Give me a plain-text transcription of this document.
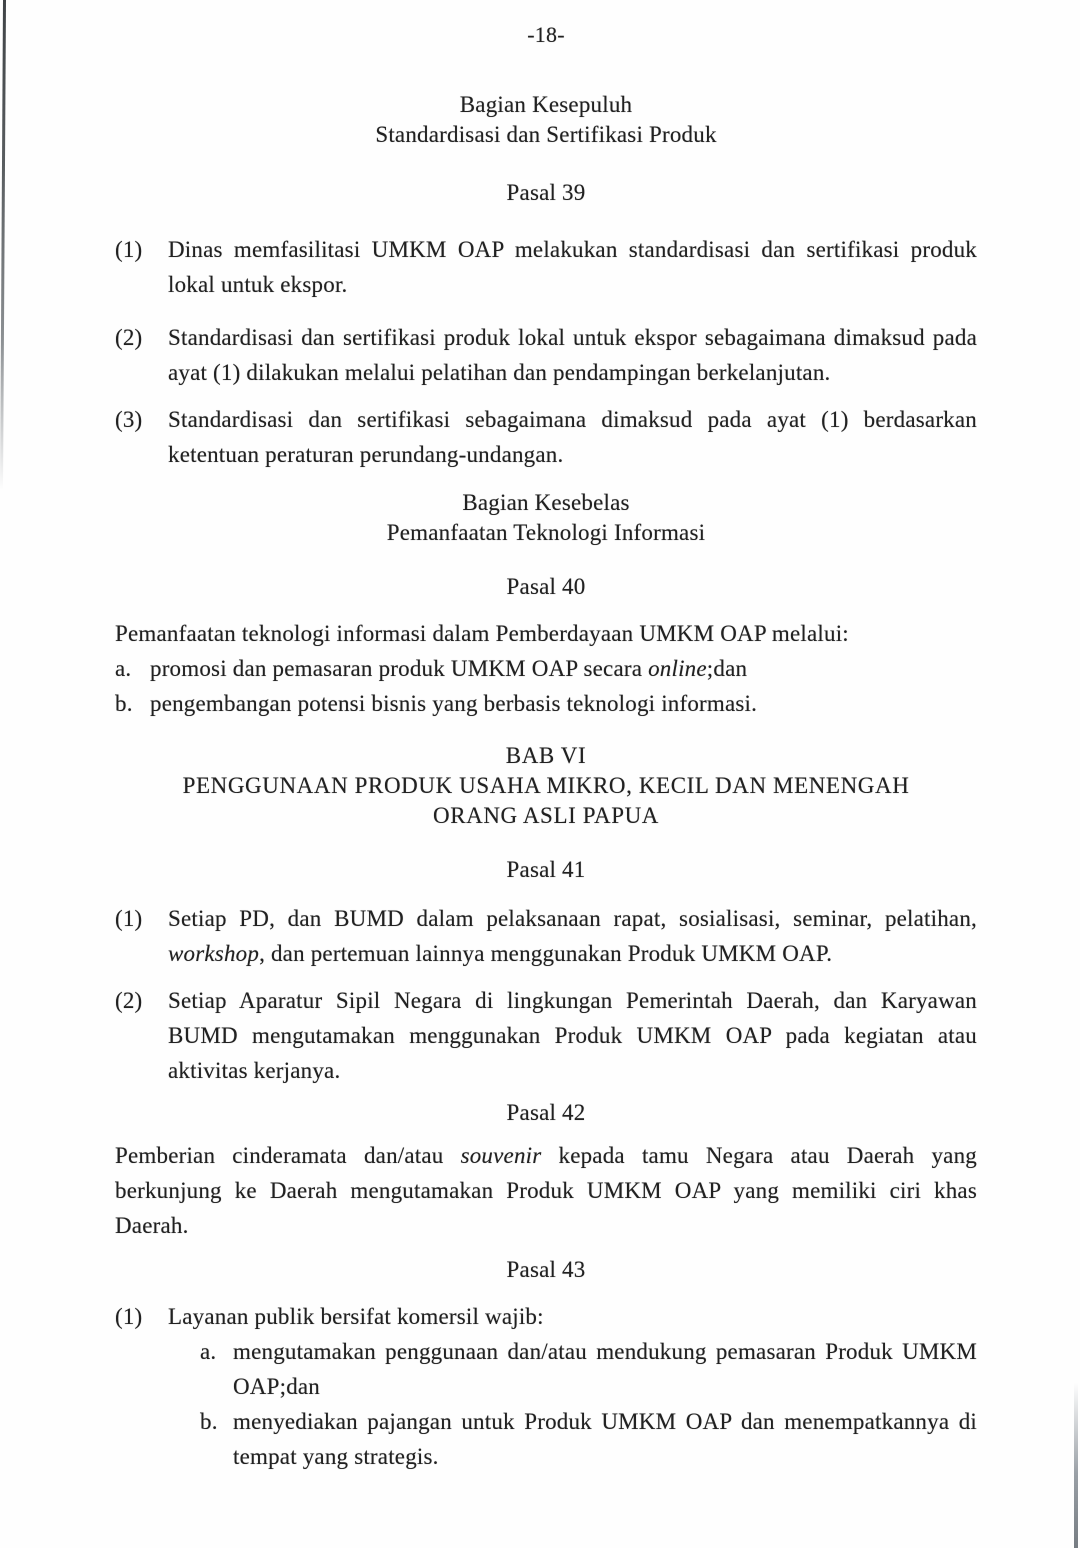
-18-
Bagian Kesepuluh
Standardisasi dan Sertifikasi Produk
Pasal 39
(1)	Dinas memfasilitasi UMKM OAP melakukan standardisasi dan sertifikasi produk lokal untuk ekspor.
(2)	Standardisasi dan sertifikasi produk lokal untuk ekspor sebagaimana dimaksud pada ayat (1) dilakukan melalui pelatihan dan pendampingan berkelanjutan.
(3)	Standardisasi dan sertifikasi sebagaimana dimaksud pada ayat (1) berdasarkan ketentuan peraturan perundang-undangan.
Bagian Kesebelas
Pemanfaatan Teknologi Informasi
Pasal 40
Pemanfaatan teknologi informasi dalam Pemberdayaan UMKM OAP melalui:
a. promosi dan pemasaran produk UMKM OAP secara online;dan
b. pengembangan potensi bisnis yang berbasis teknologi informasi.
BAB VI
PENGGUNAAN PRODUK USAHA MIKRO, KECIL DAN MENENGAH
ORANG ASLI PAPUA
Pasal 41
(1)	Setiap PD, dan BUMD dalam pelaksanaan rapat, sosialisasi, seminar, pelatihan, workshop, dan pertemuan lainnya menggunakan Produk UMKM OAP.
(2)	Setiap Aparatur Sipil Negara di lingkungan Pemerintah Daerah, dan Karyawan BUMD mengutamakan menggunakan Produk UMKM OAP pada kegiatan atau aktivitas kerjanya.
Pasal 42
Pemberian cinderamata dan/atau souvenir kepada tamu Negara atau Daerah yang berkunjung ke Daerah mengutamakan Produk UMKM OAP yang memiliki ciri khas Daerah.
Pasal 43
(1)	Layanan publik bersifat komersil wajib:
a. mengutamakan penggunaan dan/atau mendukung pemasaran Produk UMKM OAP;dan
b. menyediakan pajangan untuk Produk UMKM OAP dan menempatkannya di tempat yang strategis.
